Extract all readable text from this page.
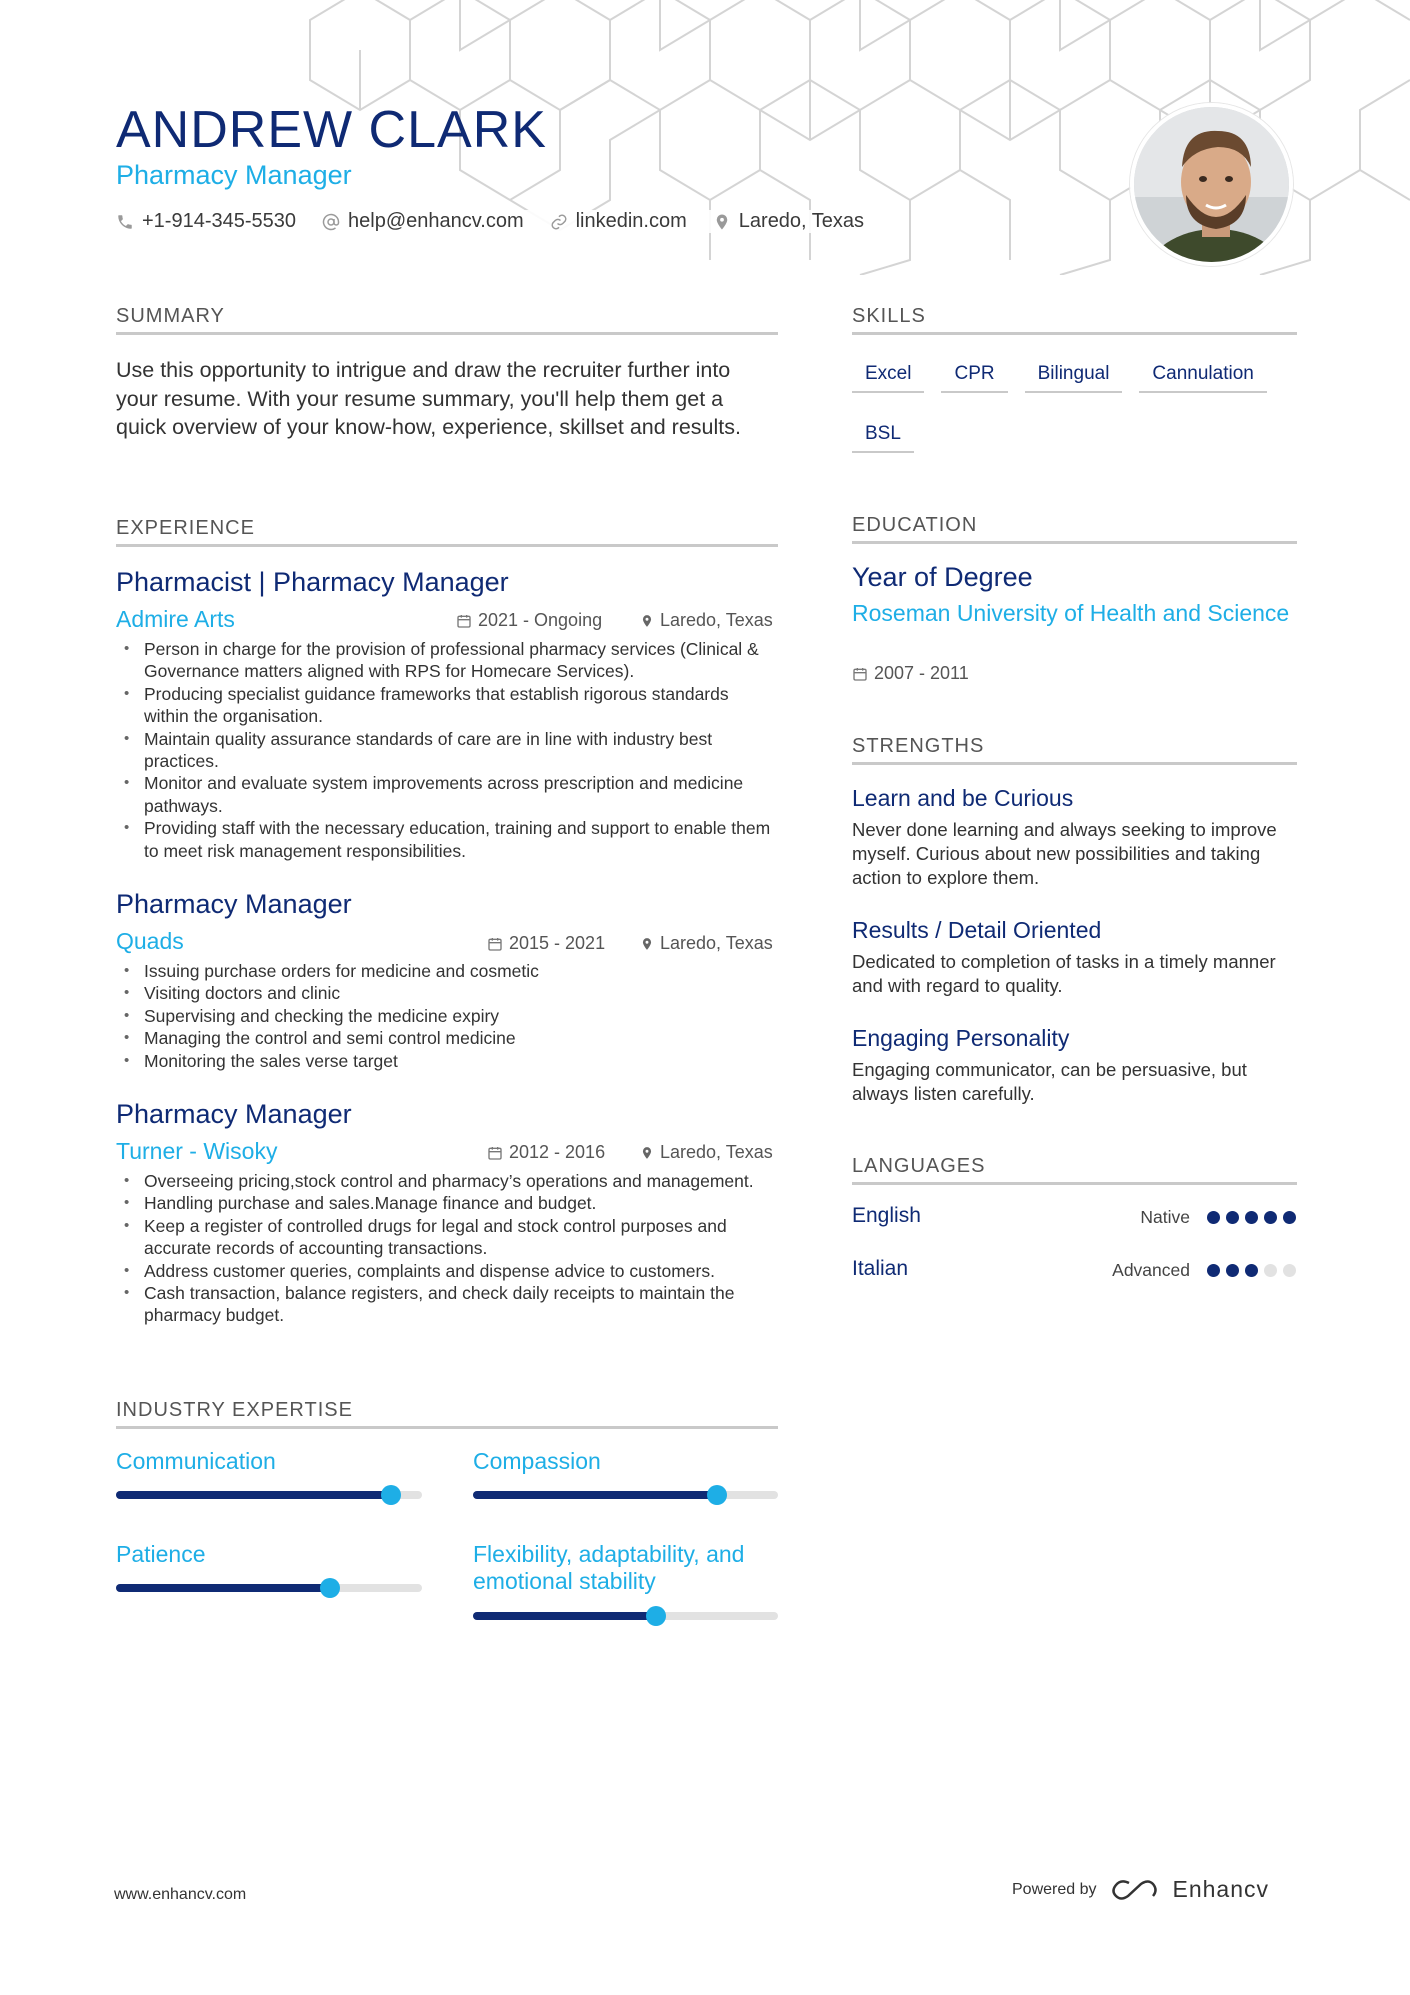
ANDREW CLARK
Pharmacy Manager
+1-914-345-5530	help@enhancv.com	linkedin.com	Laredo, Texas
SUMMARY
Use this opportunity to intrigue and draw the recruiter further into your resume. With your resume summary, you'll help them get a quick overview of your know-how, experience, skillset and results.
EXPERIENCE
Pharmacist | Pharmacy Manager
Admire Arts	2021 - Ongoing	Laredo, Texas
• Person in charge for the provision of professional pharmacy services (Clinical & Governance matters aligned with RPS for Homecare Services).
• Producing specialist guidance frameworks that establish rigorous standards within the organisation.
• Maintain quality assurance standards of care are in line with industry best practices.
• Monitor and evaluate system improvements across prescription and medicine pathways.
• Providing staff with the necessary education, training and support to enable them to meet risk management responsibilities.
Pharmacy Manager
Quads	2015 - 2021	Laredo, Texas
• Issuing purchase orders for medicine and cosmetic
• Visiting doctors and clinic
• Supervising and checking the medicine expiry
• Managing the control and semi control medicine
• Monitoring the sales verse target
Pharmacy Manager
Turner - Wisoky	2012 - 2016	Laredo, Texas
• Overseeing pricing,stock control and pharmacy’s operations and management.
• Handling purchase and sales.Manage finance and budget.
• Keep a register of controlled drugs for legal and stock control purposes and accurate records of accounting transactions.
• Address customer queries, complaints and dispense advice to customers.
• Cash transaction, balance registers, and check daily receipts to maintain the pharmacy budget.
INDUSTRY EXPERTISE
Communication	Compassion
Patience	Flexibility, adaptability, and emotional stability
SKILLS
Excel	CPR	Bilingual	Cannulation
BSL
EDUCATION
Year of Degree
Roseman University of Health and Science
2007 - 2011
STRENGTHS
Learn and be Curious
Never done learning and always seeking to improve myself. Curious about new possibilities and taking action to explore them.
Results / Detail Oriented
Dedicated to completion of tasks in a timely manner and with regard to quality.
Engaging Personality
Engaging communicator, can be persuasive, but always listen carefully.
LANGUAGES
English	Native
Italian	Advanced
www.enhancv.com	Powered by	Enhancv
